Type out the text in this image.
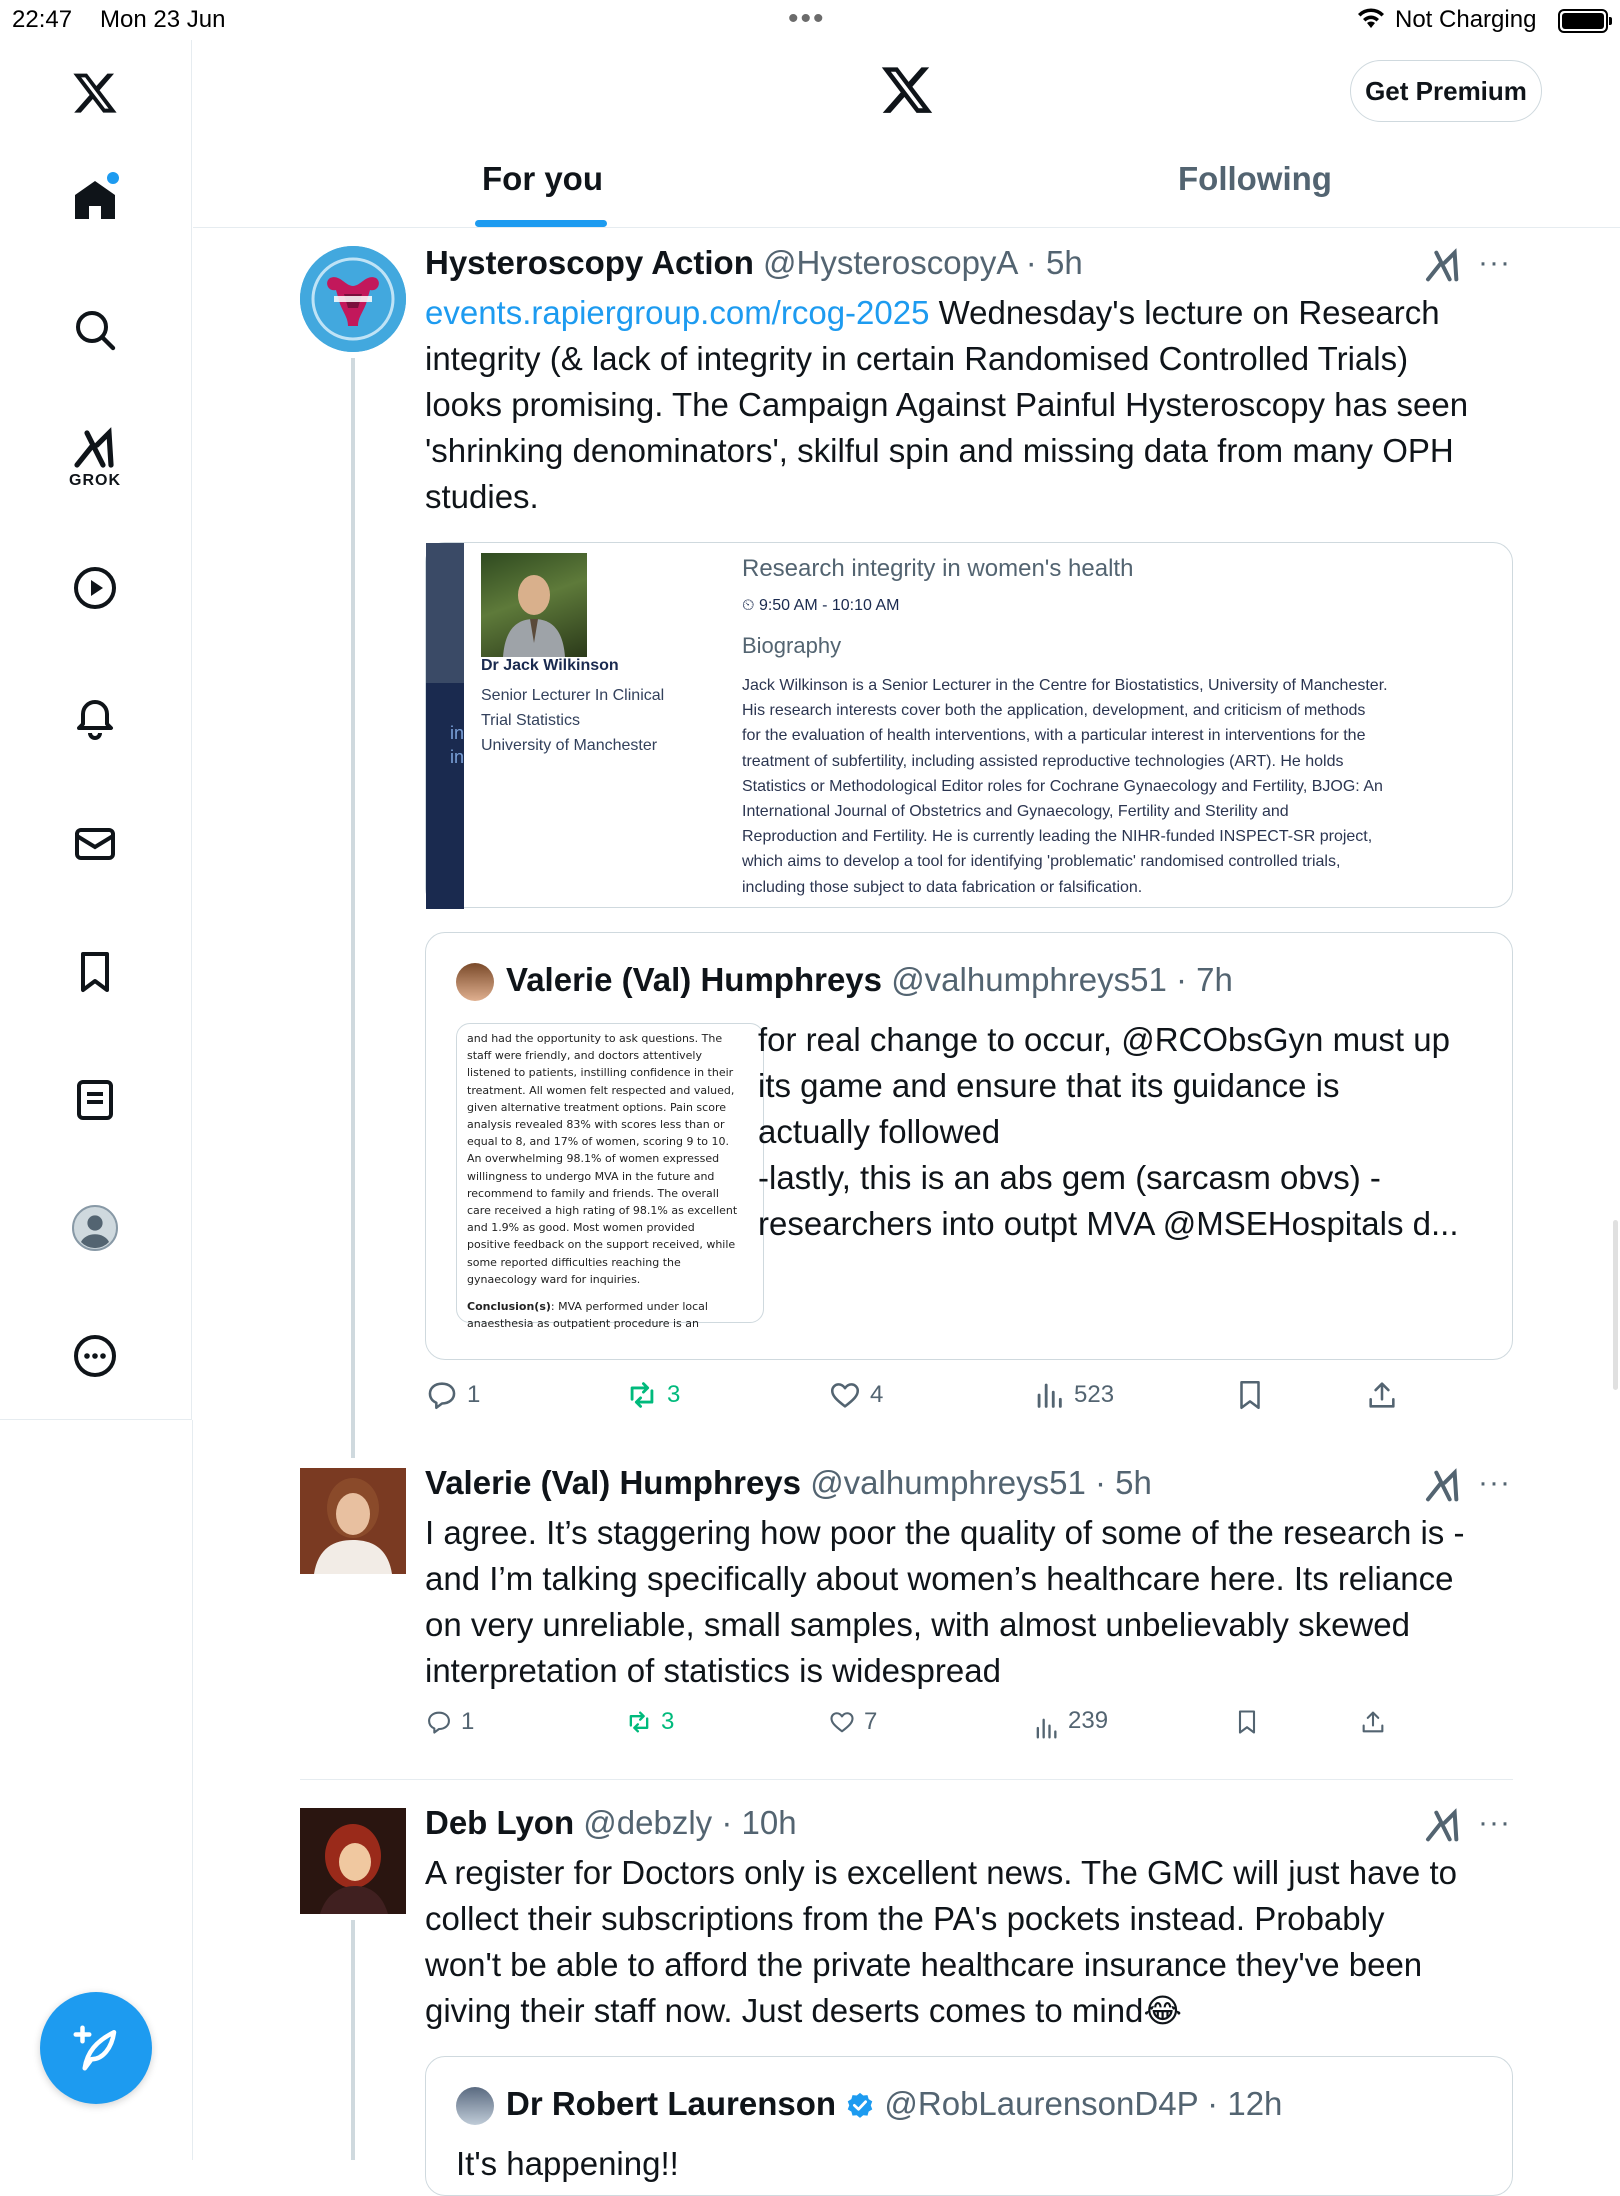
22:47 Mon 23 Jun	•••	Not Charging
GROK
Get Premium
For you	Following
Hysteroscopy Action @HysteroscopyA · 5h	···
events.rapiergroup.com/rcog-2025 Wednesday's lecture on Research
integrity (& lack of integrity in certain Randomised Controlled Trials)
looks promising. The Campaign Against Painful Hysteroscopy has seen
'shrinking denominators', skilful spin and missing data from many OPH
studies.
in
in
Dr Jack Wilkinson
Senior Lecturer In Clinical
Trial Statistics
University of Manchester
Research integrity in women's health
⏲ 9:50 AM - 10:10 AM
Biography
Jack Wilkinson is a Senior Lecturer in the Centre for Biostatistics, University of Manchester.
His research interests cover both the application, development, and criticism of methods
for the evaluation of health interventions, with a particular interest in interventions for the
treatment of subfertility, including assisted reproductive technologies (ART). He holds
Statistics or Methodological Editor roles for Cochrane Gynaecology and Fertility, BJOG: An
International Journal of Obstetrics and Gynaecology, Fertility and Sterility and
Reproduction and Fertility. He is currently leading the NIHR-funded INSPECT-SR project,
which aims to develop a tool for identifying 'problematic' randomised controlled trials,
including those subject to data fabrication or falsification.
Valerie (Val) Humphreys @valhumphreys51 · 7h
and had the opportunity to ask questions. The
staff were friendly, and doctors attentively
listened to patients, instilling confidence in their
treatment. All women felt respected and valued,
given alternative treatment options. Pain score
analysis revealed 83% with scores less than or
equal to 8, and 17% of women, scoring 9 to 10.
An overwhelming 98.1% of women expressed
willingness to undergo MVA in the future and
recommend to family and friends. The overall
care received a high rating of 98.1% as excellent
and 1.9% as good. Most women provided
positive feedback on the support received, while
some reported difficulties reaching the
gynaecology ward for inquiries.
Conclusion(s): MVA performed under local
anaesthesia as outpatient procedure is an
for real change to occur, @RCObsGyn must up
its game and ensure that its guidance is
actually followed
-lastly, this is an abs gem (sarcasm obvs) -
researchers into outpt MVA @MSEHospitals d...
1	3	4	523
Valerie (Val) Humphreys @valhumphreys51 · 5h	···
I agree. It’s staggering how poor the quality of some of the research is -
and I’m talking specifically about women’s healthcare here. Its reliance
on very unreliable, small samples, with almost unbelievably skewed
interpretation of statistics is widespread
1	3	7	239
Deb Lyon @debzly · 10h	···
A register for Doctors only is excellent news. The GMC will just have to
collect their subscriptions from the PA's pockets instead. Probably
won't be able to afford the private healthcare insurance they've been
giving their staff now. Just deserts comes to mind😂
Dr Robert Laurenson @RobLaurensonD4P · 12h
It's happening!!
